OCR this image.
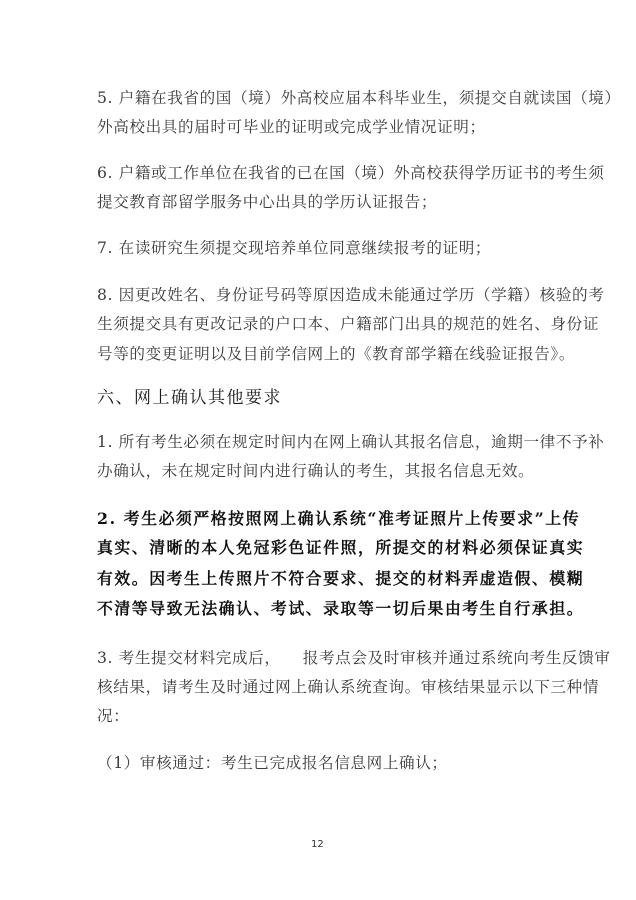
5. 户籍在我省的国（境）外高校应届本科毕业生，须提交自就读国（境）
外高校出具的届时可毕业的证明或完成学业情况证明；
6. 户籍或工作单位在我省的已在国（境）外高校获得学历证书的考生须
提交教育部留学服务中心出具的学历认证报告；
7. 在读研究生须提交现培养单位同意继续报考的证明；
8. 因更改姓名、身份证号码等原因造成未能通过学历（学籍）核验的考
生须提交具有更改记录的户口本、户籍部门出具的规范的姓名、身份证
号等的变更证明以及目前学信网上的《教育部学籍在线验证报告》。
六、网上确认其他要求
1. 所有考生必须在规定时间内在网上确认其报名信息，逾期一律不予补
办确认，未在规定时间内进行确认的考生，其报名信息无效。
2. 考生必须严格按照网上确认系统“准考证照片上传要求”上传
真实、清晰的本人免冠彩色证件照，所提交的材料必须保证真实
有效。因考生上传照片不符合要求、提交的材料弄虚造假、模糊
不清等导致无法确认、考试、录取等一切后果由考生自行承担。
3. 考生提交材料完成后，    报考点会及时审核并通过系统向考生反馈审
核结果，请考生及时通过网上确认系统查询。审核结果显示以下三种情
况：
（1）审核通过：考生已完成报名信息网上确认；
12
